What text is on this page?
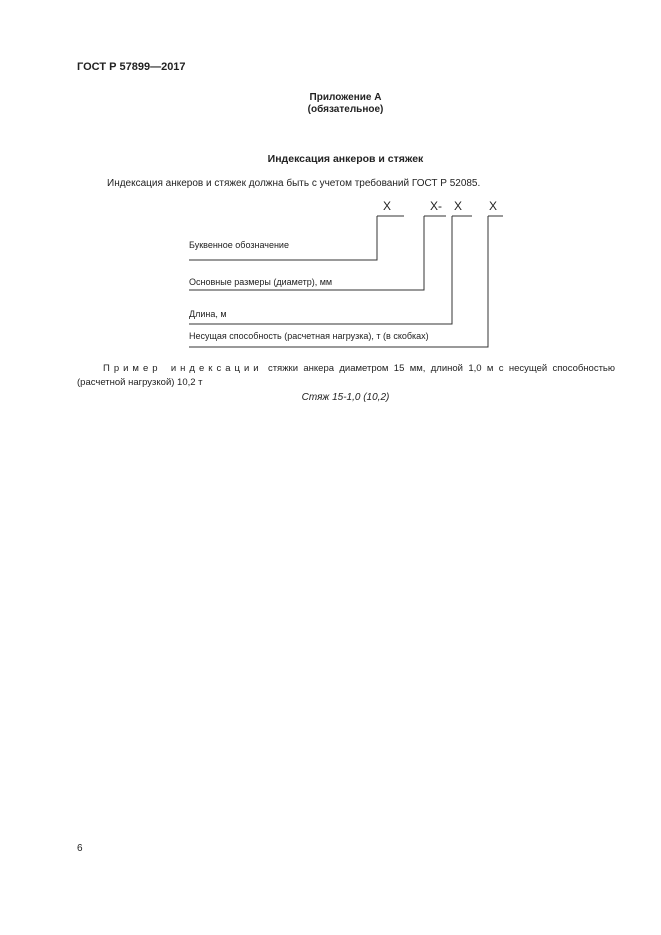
ГОСТ Р 57899—2017
Приложение А
(обязательное)
Индексация анкеров и стяжек
Индексация анкеров и стяжек должна быть с учетом требований ГОСТ Р 52085.
X	X- X X
Буквенное обозначение
Основные размеры (диаметр), мм
Длина, м
Несущая способность (расчетная нагрузка), т (в скобках)
Пример индексации стяжки анкера диаметром 15 мм, длиной 1,0 м с несущей способностью (расчетной нагрузкой) 10,2 т
Стяж 15-1,0 (10,2)
6
